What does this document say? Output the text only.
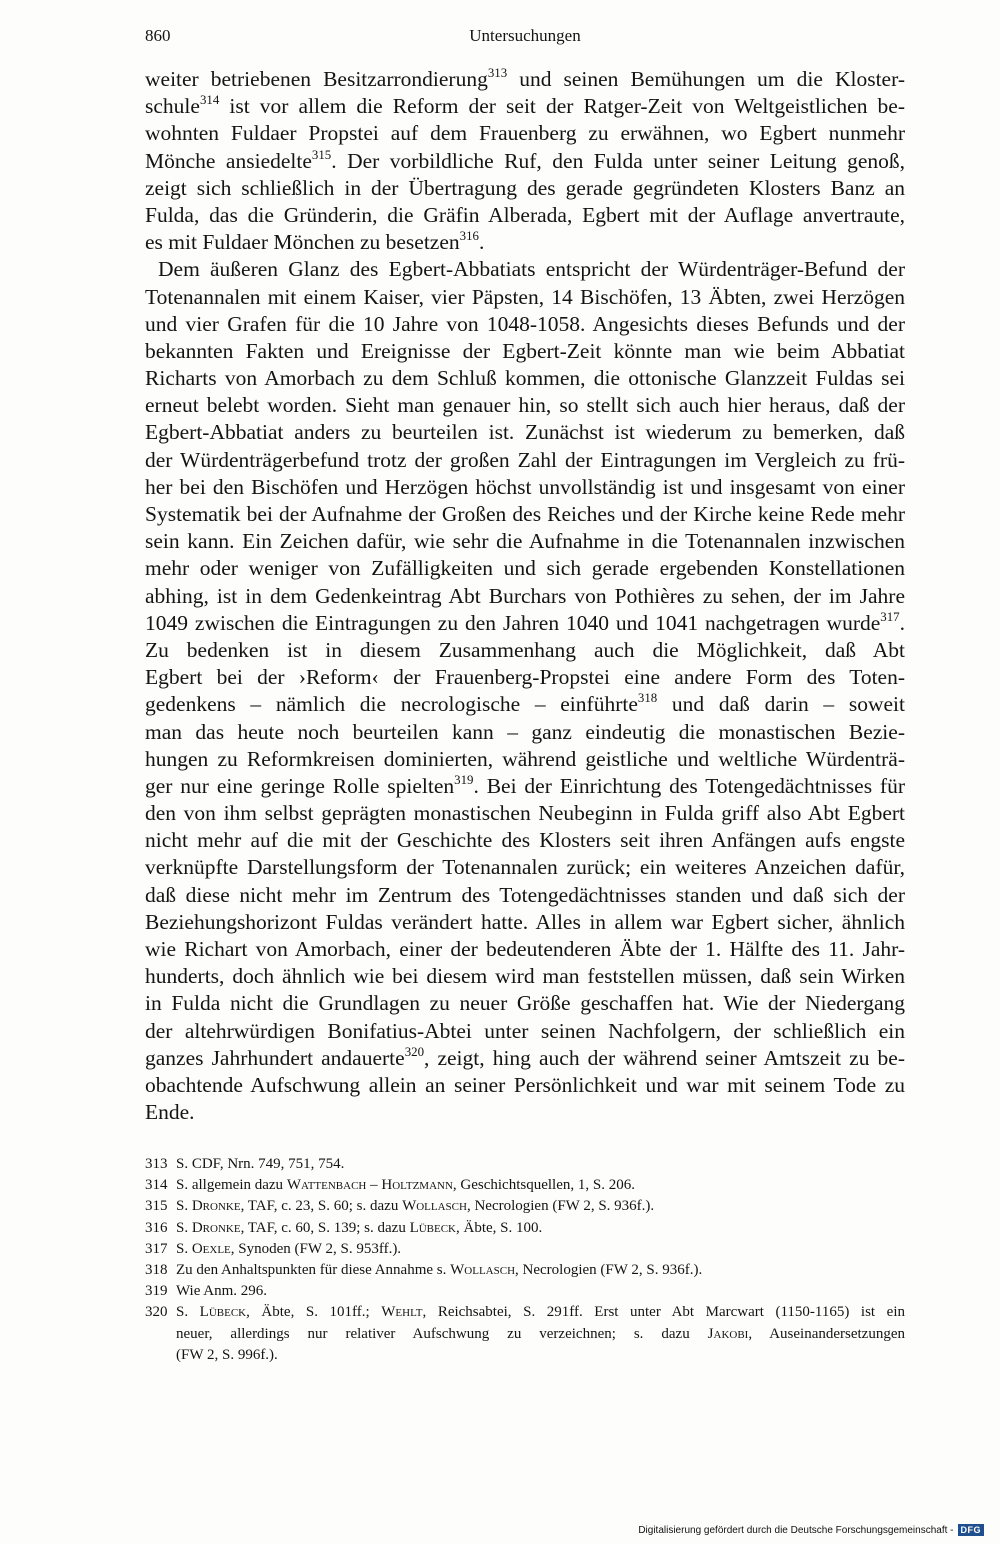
860	Untersuchungen
weiter betriebenen Besitzarrondierung$^{313}$ und seinen Bemühungen um die Kloster-
schule$^{314}$ ist vor allem die Reform der seit der Ratger-Zeit von Weltgeistlichen be-
wohnten Fuldaer Propstei auf dem Frauenberg zu erwähnen, wo Egbert nunmehr
Mönche ansiedelte$^{315}$. Der vorbildliche Ruf, den Fulda unter seiner Leitung genoß,
zeigt sich schließlich in der Übertragung des gerade gegründeten Klosters Banz an
Fulda, das die Gründerin, die Gräfin Alberada, Egbert mit der Auflage anvertraute,
es mit Fuldaer Mönchen zu besetzen$^{316}$.
Dem äußeren Glanz des Egbert-Abbatiats entspricht der Würdenträger-Befund der
Totenannalen mit einem Kaiser, vier Päpsten, 14 Bischöfen, 13 Äbten, zwei Herzögen
und vier Grafen für die 10 Jahre von 1048-1058. Angesichts dieses Befunds und der
bekannten Fakten und Ereignisse der Egbert-Zeit könnte man wie beim Abbatiat
Richarts von Amorbach zu dem Schluß kommen, die ottonische Glanzzeit Fuldas sei
erneut belebt worden. Sieht man genauer hin, so stellt sich auch hier heraus, daß der
Egbert-Abbatiat anders zu beurteilen ist. Zunächst ist wiederum zu bemerken, daß
der Würdenträgerbefund trotz der großen Zahl der Eintragungen im Vergleich zu frü-
her bei den Bischöfen und Herzögen höchst unvollständig ist und insgesamt von einer
Systematik bei der Aufnahme der Großen des Reiches und der Kirche keine Rede mehr
sein kann. Ein Zeichen dafür, wie sehr die Aufnahme in die Totenannalen inzwischen
mehr oder weniger von Zufälligkeiten und sich gerade ergebenden Konstellationen
abhing, ist in dem Gedenkeintrag Abt Burchars von Pothières zu sehen, der im Jahre
1049 zwischen die Eintragungen zu den Jahren 1040 und 1041 nachgetragen wurde$^{317}$.
Zu bedenken ist in diesem Zusammenhang auch die Möglichkeit, daß Abt
Egbert bei der ›Reform‹ der Frauenberg-Propstei eine andere Form des Toten-
gedenkens – nämlich die necrologische – einführte$^{318}$ und daß darin – soweit
man das heute noch beurteilen kann – ganz eindeutig die monastischen Bezie-
hungen zu Reformkreisen dominierten, während geistliche und weltliche Würdenträ-
ger nur eine geringe Rolle spielten$^{319}$. Bei der Einrichtung des Totengedächtnisses für
den von ihm selbst geprägten monastischen Neubeginn in Fulda griff also Abt Egbert
nicht mehr auf die mit der Geschichte des Klosters seit ihren Anfängen aufs engste
verknüpfte Darstellungsform der Totenannalen zurück; ein weiteres Anzeichen dafür,
daß diese nicht mehr im Zentrum des Totengedächtnisses standen und daß sich der
Beziehungshorizont Fuldas verändert hatte. Alles in allem war Egbert sicher, ähnlich
wie Richart von Amorbach, einer der bedeutenderen Äbte der 1. Hälfte des 11. Jahr-
hunderts, doch ähnlich wie bei diesem wird man feststellen müssen, daß sein Wirken
in Fulda nicht die Grundlagen zu neuer Größe geschaffen hat. Wie der Niedergang
der altehrwürdigen Bonifatius-Abtei unter seinen Nachfolgern, der schließlich ein
ganzes Jahrhundert andauerte$^{320}$, zeigt, hing auch der während seiner Amtszeit zu be-
obachtende Aufschwung allein an seiner Persönlichkeit und war mit seinem Tode zu
Ende.
313 S. CDF, Nrn. 749, 751, 754.
314 S. allgemein dazu Wattenbach – Holtzmann, Geschichtsquellen, 1, S. 206.
315 S. Dronke, TAF, c. 23, S. 60; s. dazu Wollasch, Necrologien (FW 2, S. 936f.).
316 S. Dronke, TAF, c. 60, S. 139; s. dazu Lübeck, Äbte, S. 100.
317 S. Oexle, Synoden (FW 2, S. 953ff.).
318 Zu den Anhaltspunkten für diese Annahme s. Wollasch, Necrologien (FW 2, S. 936f.).
319 Wie Anm. 296.
320 S. Lübeck, Äbte, S. 101ff.; Wehlt, Reichsabtei, S. 291ff. Erst unter Abt Marcwart (1150-1165) ist ein
neuer, allerdings nur relativer Aufschwung zu verzeichnen; s. dazu Jakobi, Auseinandersetzungen
(FW 2, S. 996f.).
Digitalisierung gefördert durch die Deutsche Forschungsgemeinschaft - DFG
